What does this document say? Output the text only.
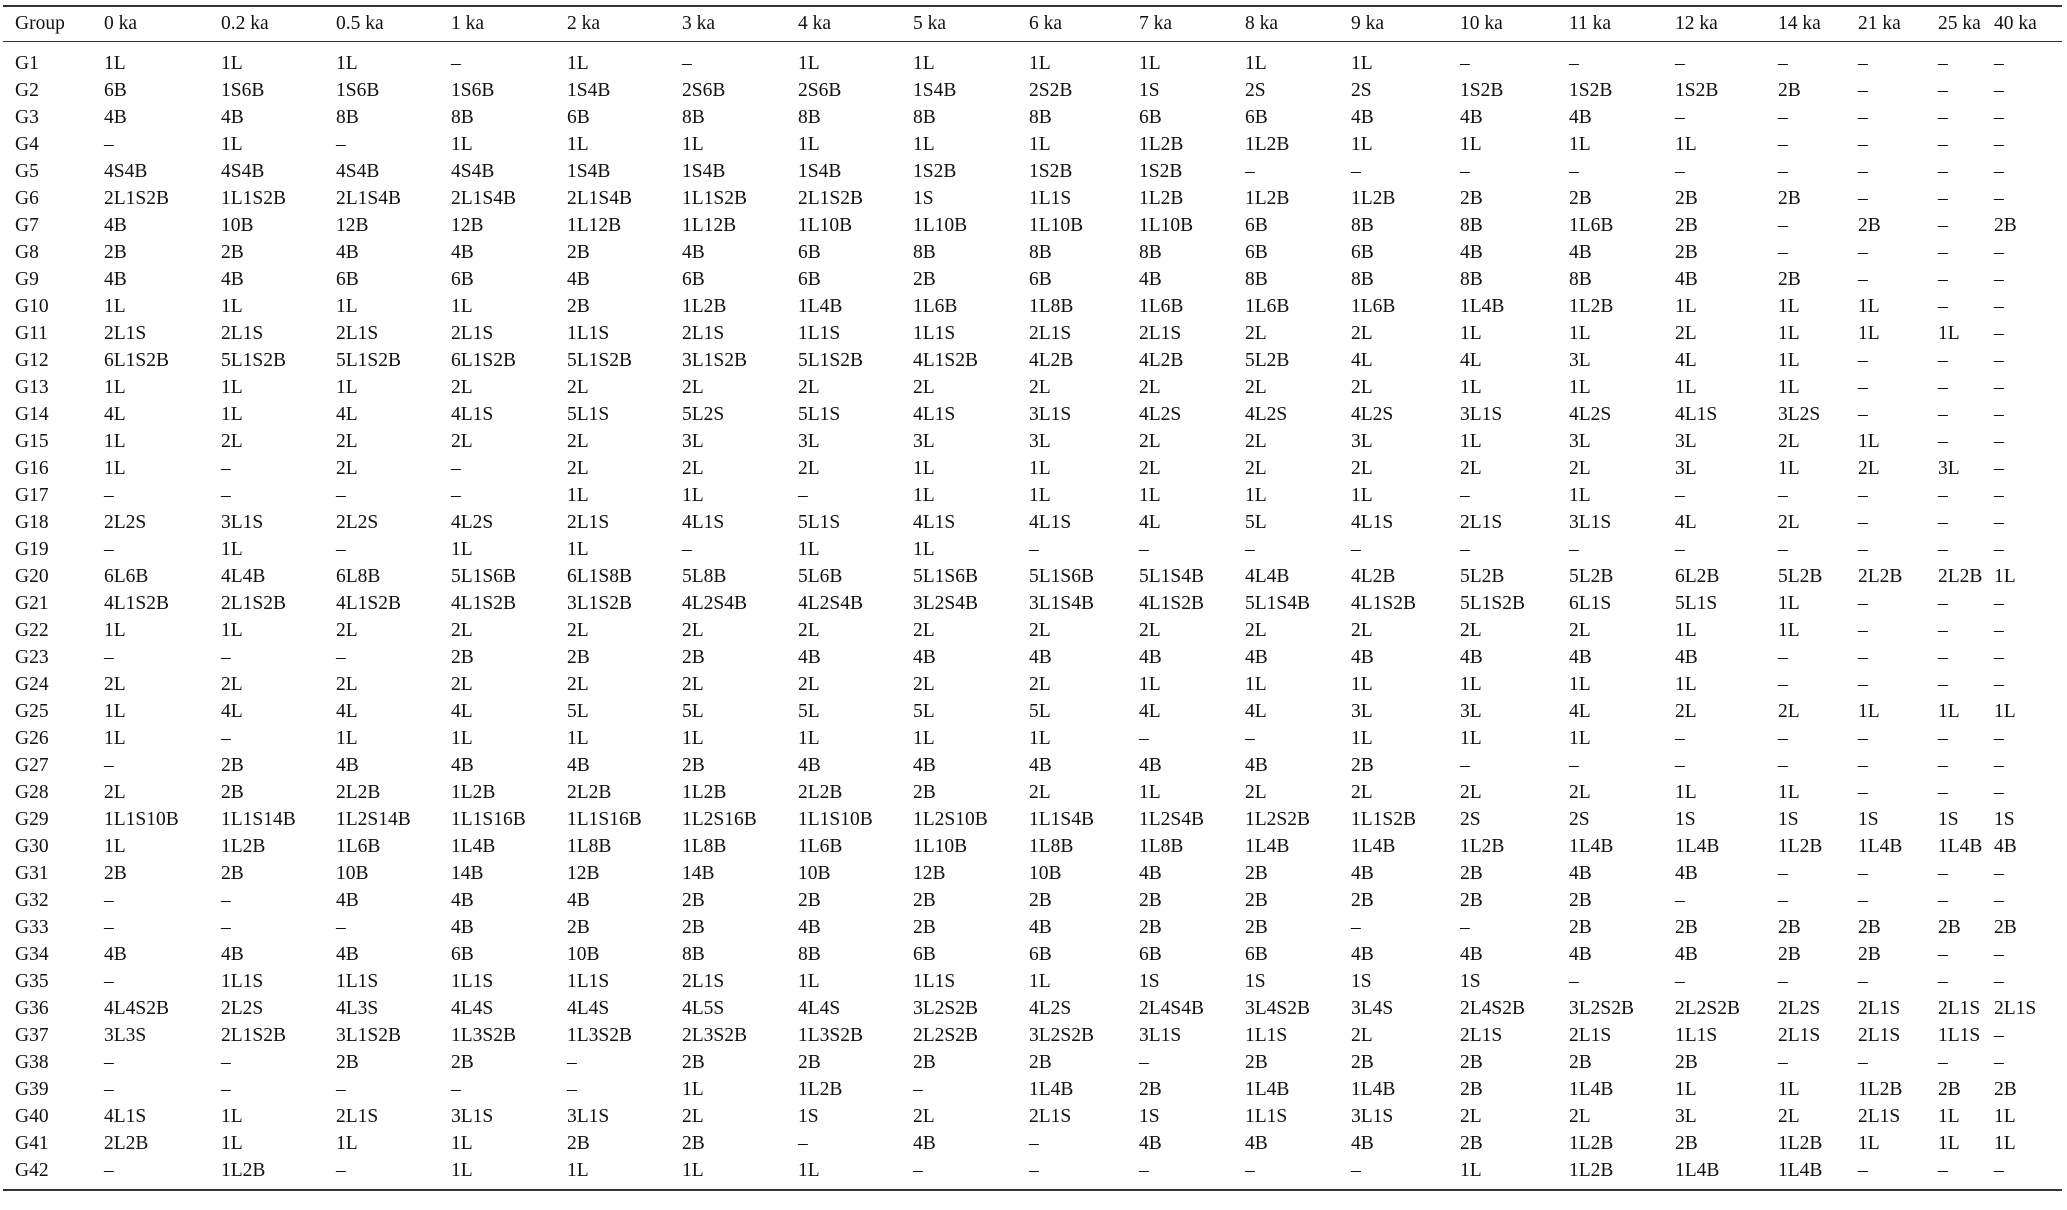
Group	0 ka	0.2 ka	0.5 ka	1 ka	2 ka	3 ka	4 ka	5 ka	6 ka	7 ka	8 ka	9 ka	10 ka	11 ka	12 ka	14 ka	21 ka	25 ka	40 ka
G1	1L	1L	1L	–	1L	–	1L	1L	1L	1L	1L	1L	–	–	–	–	–	–	–
G2	6B	1S6B	1S6B	1S6B	1S4B	2S6B	2S6B	1S4B	2S2B	1S	2S	2S	1S2B	1S2B	1S2B	2B	–	–	–
G3	4B	4B	8B	8B	6B	8B	8B	8B	8B	6B	6B	4B	4B	4B	–	–	–	–	–
G4	–	1L	–	1L	1L	1L	1L	1L	1L	1L2B	1L2B	1L	1L	1L	1L	–	–	–	–
G5	4S4B	4S4B	4S4B	4S4B	1S4B	1S4B	1S4B	1S2B	1S2B	1S2B	–	–	–	–	–	–	–	–	–
G6	2L1S2B	1L1S2B	2L1S4B	2L1S4B	2L1S4B	1L1S2B	2L1S2B	1S	1L1S	1L2B	1L2B	1L2B	2B	2B	2B	2B	–	–	–
G7	4B	10B	12B	12B	1L12B	1L12B	1L10B	1L10B	1L10B	1L10B	6B	8B	8B	1L6B	2B	–	2B	–	2B
G8	2B	2B	4B	4B	2B	4B	6B	8B	8B	8B	6B	6B	4B	4B	2B	–	–	–	–
G9	4B	4B	6B	6B	4B	6B	6B	2B	6B	4B	8B	8B	8B	8B	4B	2B	–	–	–
G10	1L	1L	1L	1L	2B	1L2B	1L4B	1L6B	1L8B	1L6B	1L6B	1L6B	1L4B	1L2B	1L	1L	1L	–	–
G11	2L1S	2L1S	2L1S	2L1S	1L1S	2L1S	1L1S	1L1S	2L1S	2L1S	2L	2L	1L	1L	2L	1L	1L	1L	–
G12	6L1S2B	5L1S2B	5L1S2B	6L1S2B	5L1S2B	3L1S2B	5L1S2B	4L1S2B	4L2B	4L2B	5L2B	4L	4L	3L	4L	1L	–	–	–
G13	1L	1L	1L	2L	2L	2L	2L	2L	2L	2L	2L	2L	1L	1L	1L	1L	–	–	–
G14	4L	1L	4L	4L1S	5L1S	5L2S	5L1S	4L1S	3L1S	4L2S	4L2S	4L2S	3L1S	4L2S	4L1S	3L2S	–	–	–
G15	1L	2L	2L	2L	2L	3L	3L	3L	3L	2L	2L	3L	1L	3L	3L	2L	1L	–	–
G16	1L	–	2L	–	2L	2L	2L	1L	1L	2L	2L	2L	2L	2L	3L	1L	2L	3L	–
G17	–	–	–	–	1L	1L	–	1L	1L	1L	1L	1L	–	1L	–	–	–	–	–
G18	2L2S	3L1S	2L2S	4L2S	2L1S	4L1S	5L1S	4L1S	4L1S	4L	5L	4L1S	2L1S	3L1S	4L	2L	–	–	–
G19	–	1L	–	1L	1L	–	1L	1L	–	–	–	–	–	–	–	–	–	–	–
G20	6L6B	4L4B	6L8B	5L1S6B	6L1S8B	5L8B	5L6B	5L1S6B	5L1S6B	5L1S4B	4L4B	4L2B	5L2B	5L2B	6L2B	5L2B	2L2B	2L2B	1L
G21	4L1S2B	2L1S2B	4L1S2B	4L1S2B	3L1S2B	4L2S4B	4L2S4B	3L2S4B	3L1S4B	4L1S2B	5L1S4B	4L1S2B	5L1S2B	6L1S	5L1S	1L	–	–	–
G22	1L	1L	2L	2L	2L	2L	2L	2L	2L	2L	2L	2L	2L	2L	1L	1L	–	–	–
G23	–	–	–	2B	2B	2B	4B	4B	4B	4B	4B	4B	4B	4B	4B	–	–	–	–
G24	2L	2L	2L	2L	2L	2L	2L	2L	2L	1L	1L	1L	1L	1L	1L	–	–	–	–
G25	1L	4L	4L	4L	5L	5L	5L	5L	5L	4L	4L	3L	3L	4L	2L	2L	1L	1L	1L
G26	1L	–	1L	1L	1L	1L	1L	1L	1L	–	–	1L	1L	1L	–	–	–	–	–
G27	–	2B	4B	4B	4B	2B	4B	4B	4B	4B	4B	2B	–	–	–	–	–	–	–
G28	2L	2B	2L2B	1L2B	2L2B	1L2B	2L2B	2B	2L	1L	2L	2L	2L	2L	1L	1L	–	–	–
G29	1L1S10B	1L1S14B	1L2S14B	1L1S16B	1L1S16B	1L2S16B	1L1S10B	1L2S10B	1L1S4B	1L2S4B	1L2S2B	1L1S2B	2S	2S	1S	1S	1S	1S	1S
G30	1L	1L2B	1L6B	1L4B	1L8B	1L8B	1L6B	1L10B	1L8B	1L8B	1L4B	1L4B	1L2B	1L4B	1L4B	1L2B	1L4B	1L4B	4B
G31	2B	2B	10B	14B	12B	14B	10B	12B	10B	4B	2B	4B	2B	4B	4B	–	–	–	–
G32	–	–	4B	4B	4B	2B	2B	2B	2B	2B	2B	2B	2B	2B	–	–	–	–	–
G33	–	–	–	4B	2B	2B	4B	2B	4B	2B	2B	–	–	2B	2B	2B	2B	2B	2B
G34	4B	4B	4B	6B	10B	8B	8B	6B	6B	6B	6B	4B	4B	4B	4B	2B	2B	–	–
G35	–	1L1S	1L1S	1L1S	1L1S	2L1S	1L	1L1S	1L	1S	1S	1S	1S	–	–	–	–	–	–
G36	4L4S2B	2L2S	4L3S	4L4S	4L4S	4L5S	4L4S	3L2S2B	4L2S	2L4S4B	3L4S2B	3L4S	2L4S2B	3L2S2B	2L2S2B	2L2S	2L1S	2L1S	2L1S
G37	3L3S	2L1S2B	3L1S2B	1L3S2B	1L3S2B	2L3S2B	1L3S2B	2L2S2B	3L2S2B	3L1S	1L1S	2L	2L1S	2L1S	1L1S	2L1S	2L1S	1L1S	–
G38	–	–	2B	2B	–	2B	2B	2B	2B	–	2B	2B	2B	2B	2B	–	–	–	–
G39	–	–	–	–	–	1L	1L2B	–	1L4B	2B	1L4B	1L4B	2B	1L4B	1L	1L	1L2B	2B	2B
G40	4L1S	1L	2L1S	3L1S	3L1S	2L	1S	2L	2L1S	1S	1L1S	3L1S	2L	2L	3L	2L	2L1S	1L	1L
G41	2L2B	1L	1L	1L	2B	2B	–	4B	–	4B	4B	4B	2B	1L2B	2B	1L2B	1L	1L	1L
G42	–	1L2B	–	1L	1L	1L	1L	–	–	–	–	–	1L	1L2B	1L4B	1L4B	–	–	–
